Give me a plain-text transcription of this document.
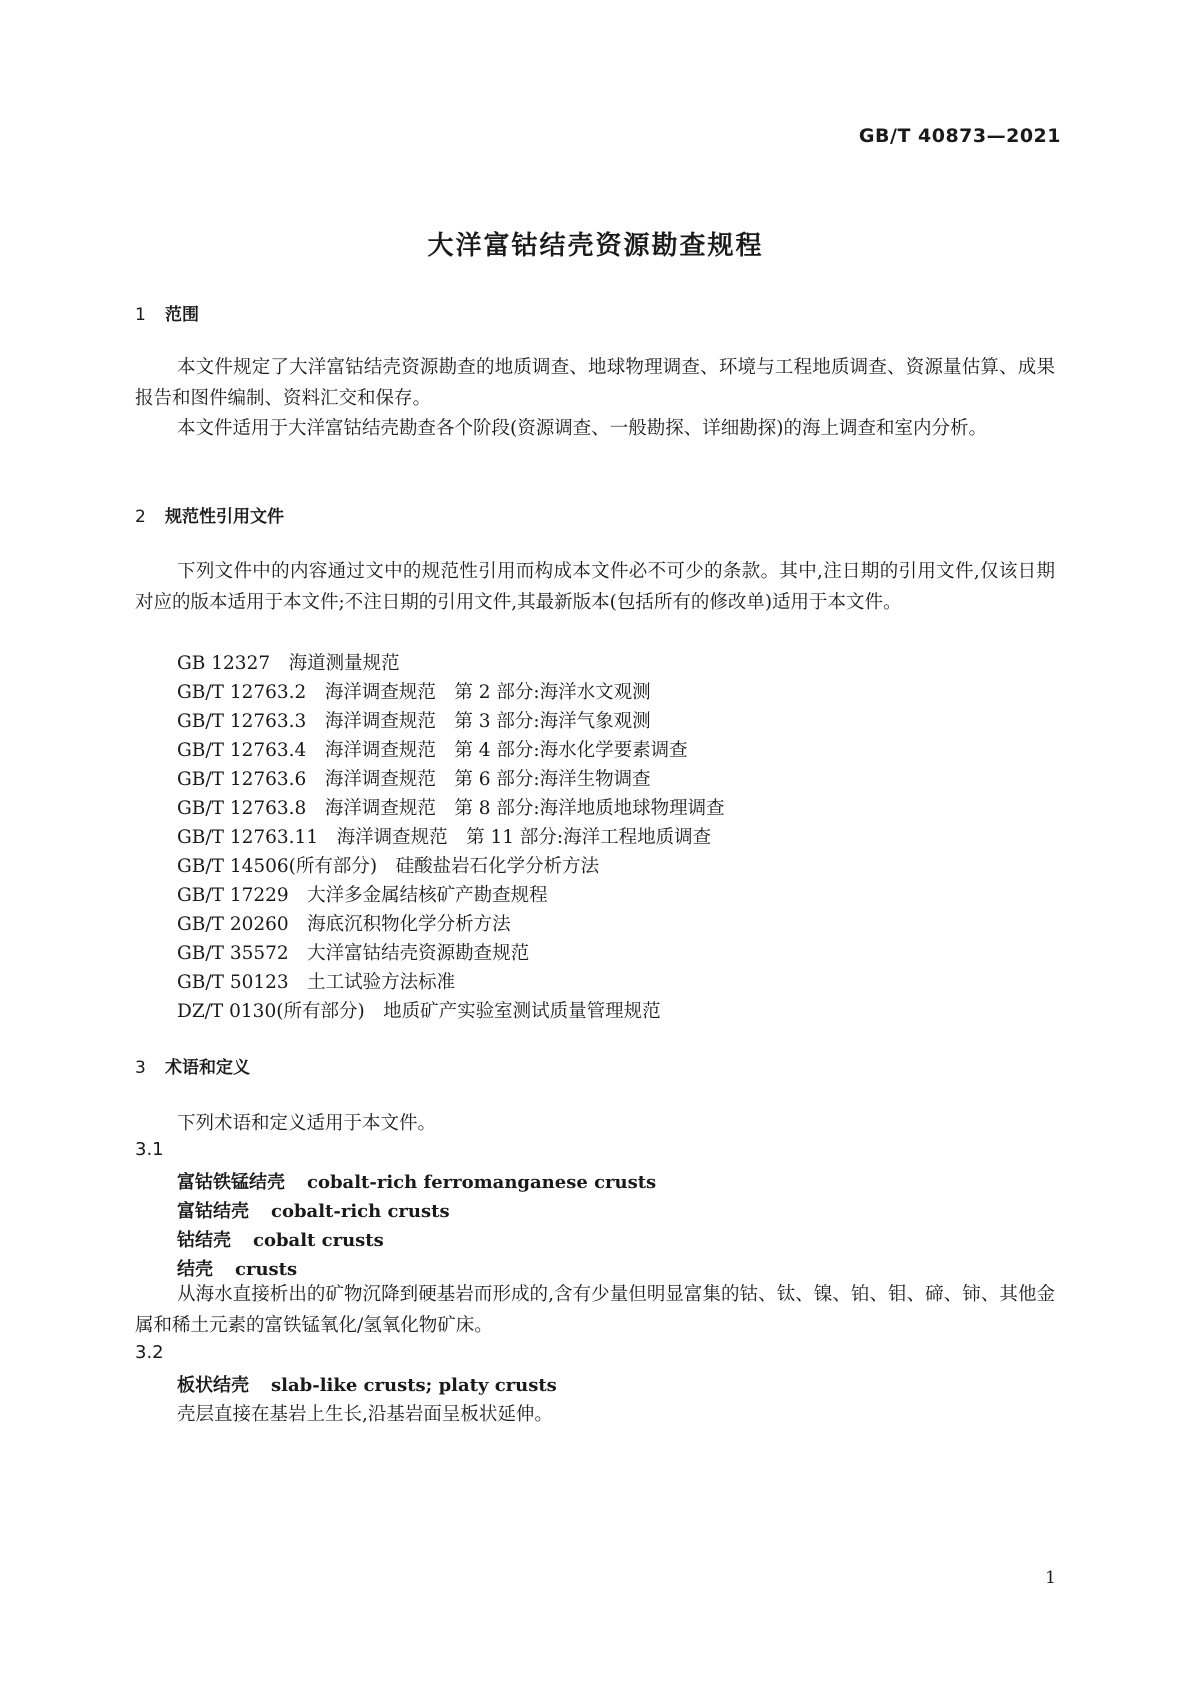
GB/T 40873—2021
大洋富钴结壳资源勘查规程
1 范围
本文件规定了大洋富钴结壳资源勘查的地质调查、地球物理调查、环境与工程地质调查、资源量估算、成果报告和图件编制、资料汇交和保存。
本文件适用于大洋富钴结壳勘查各个阶段(资源调查、一般勘探、详细勘探)的海上调查和室内分析。
2 规范性引用文件
下列文件中的内容通过文中的规范性引用而构成本文件必不可少的条款。其中,注日期的引用文件,仅该日期对应的版本适用于本文件;不注日期的引用文件,其最新版本(包括所有的修改单)适用于本文件。
GB 12327　海道测量规范
GB/T 12763.2　海洋调查规范　第 2 部分:海洋水文观测
GB/T 12763.3　海洋调查规范　第 3 部分:海洋气象观测
GB/T 12763.4　海洋调查规范　第 4 部分:海水化学要素调查
GB/T 12763.6　海洋调查规范　第 6 部分:海洋生物调查
GB/T 12763.8　海洋调查规范　第 8 部分:海洋地质地球物理调查
GB/T 12763.11　海洋调查规范　第 11 部分:海洋工程地质调查
GB/T 14506(所有部分)　硅酸盐岩石化学分析方法
GB/T 17229　大洋多金属结核矿产勘查规程
GB/T 20260　海底沉积物化学分析方法
GB/T 35572　大洋富钴结壳资源勘查规范
GB/T 50123　土工试验方法标准
DZ/T 0130(所有部分)　地质矿产实验室测试质量管理规范
3 术语和定义
下列术语和定义适用于本文件。
3.1
富钴铁锰结壳 cobalt-rich ferromanganese crusts
富钴结壳 cobalt-rich crusts
钴结壳 cobalt crusts
结壳 crusts
从海水直接析出的矿物沉降到硬基岩而形成的,含有少量但明显富集的钴、钛、镍、铂、钼、碲、铈、其他金属和稀土元素的富铁锰氧化/氢氧化物矿床。
3.2
板状结壳 slab-like crusts; platy crusts
壳层直接在基岩上生长,沿基岩面呈板状延伸。
1
